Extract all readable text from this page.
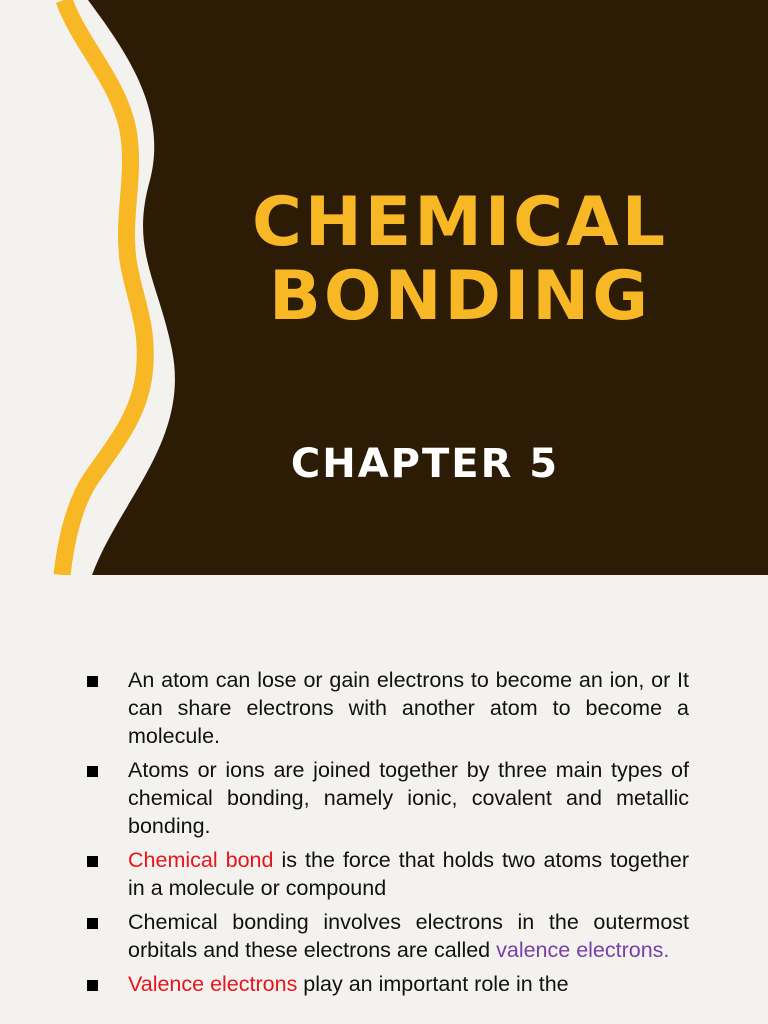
CHEMICAL
BONDING
CHAPTER 5
An atom can lose or gain electrons to become an ion, or It can share electrons with another atom to become a molecule.
Atoms or ions are joined together by three main types of chemical bonding, namely ionic, covalent and metallic bonding.
Chemical bond is the force that holds two atoms together in a molecule or compound
Chemical bonding involves electrons in the outermost orbitals and these electrons are called valence electrons.
Valence electrons play an important role in the
